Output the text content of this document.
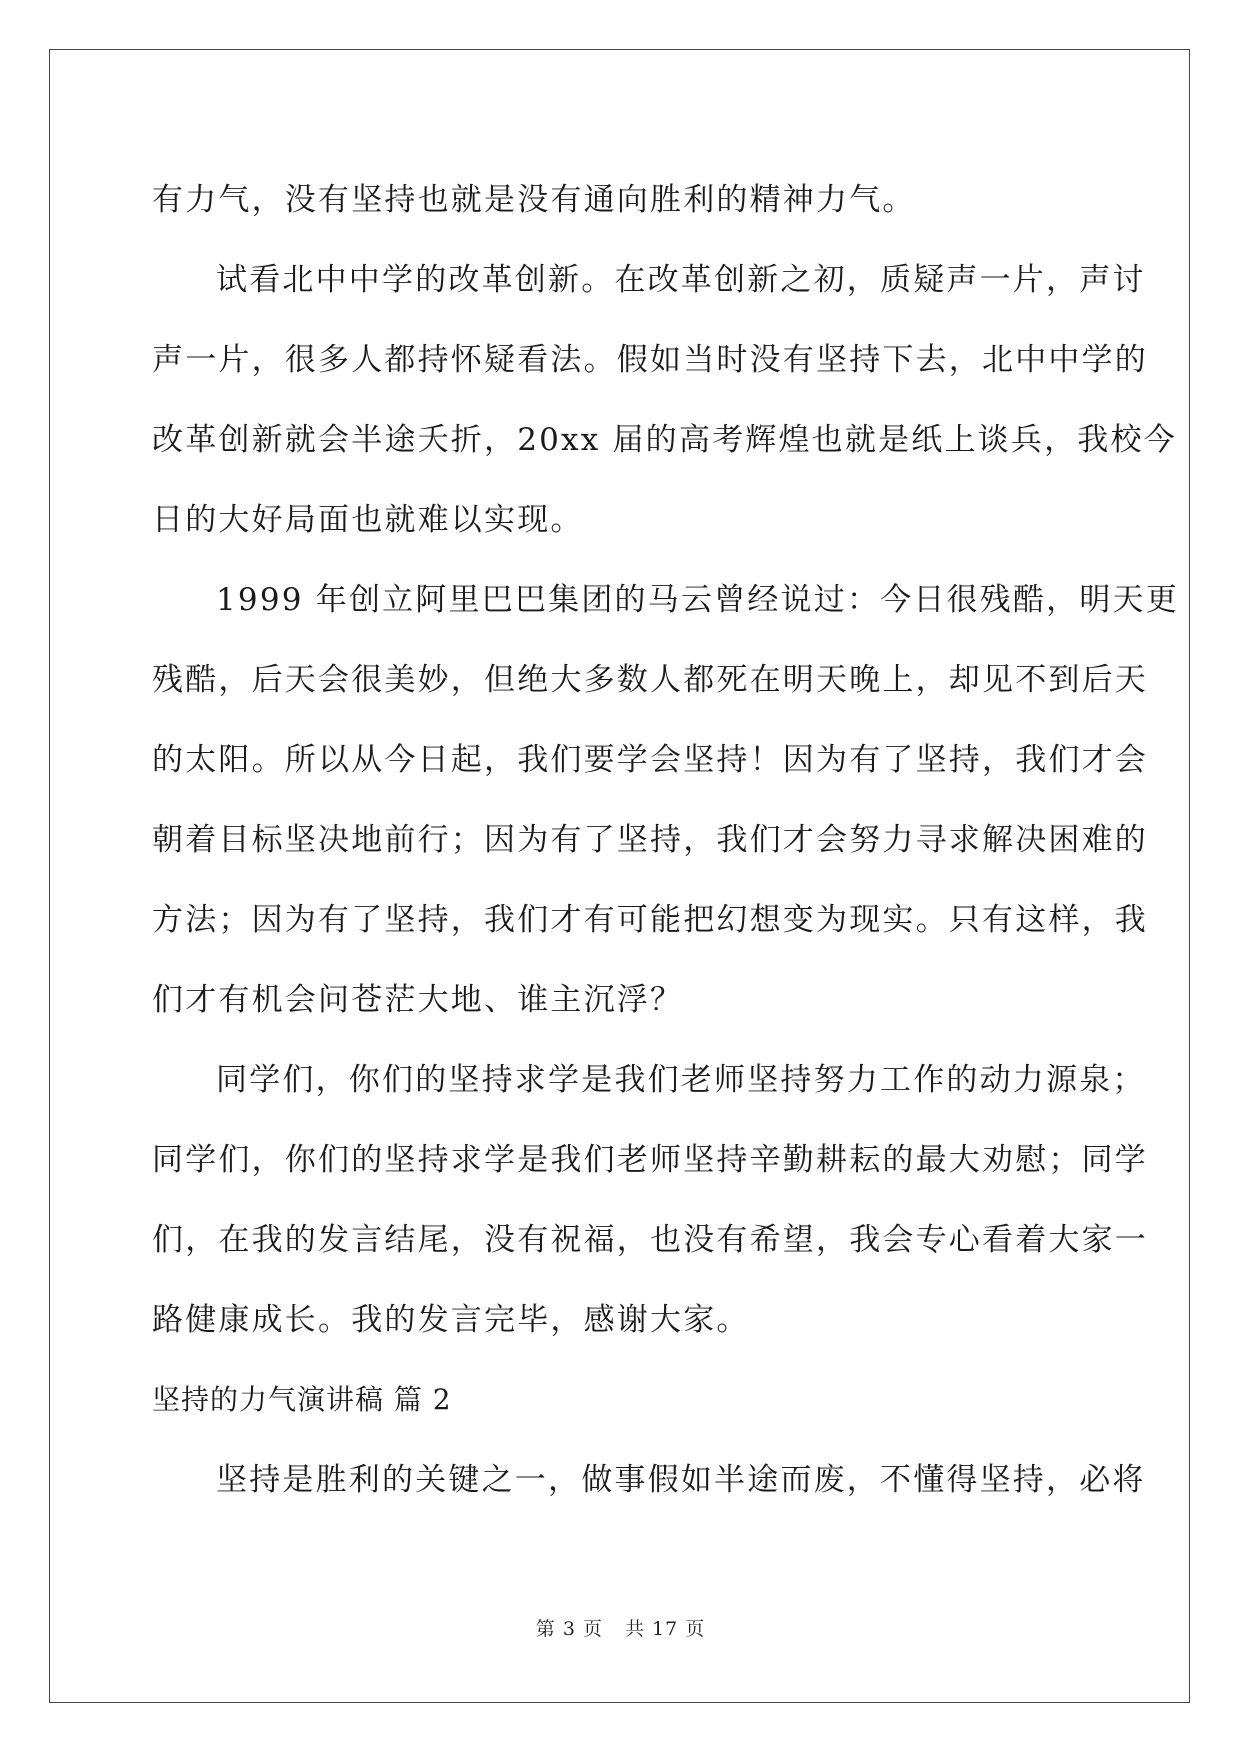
有力气，没有坚持也就是没有通向胜利的精神力气。
试看北中中学的改革创新。在改革创新之初，质疑声一片，声讨
声一片，很多人都持怀疑看法。假如当时没有坚持下去，北中中学的
改革创新就会半途夭折，20xx 届的高考辉煌也就是纸上谈兵，我校今
日的大好局面也就难以实现。
1999 年创立阿里巴巴集团的马云曾经说过：今日很残酷，明天更
残酷，后天会很美妙，但绝大多数人都死在明天晚上，却见不到后天
的太阳。所以从今日起，我们要学会坚持！因为有了坚持，我们才会
朝着目标坚决地前行；因为有了坚持，我们才会努力寻求解决困难的
方法；因为有了坚持，我们才有可能把幻想变为现实。只有这样，我
们才有机会问苍茫大地、谁主沉浮？
同学们，你们的坚持求学是我们老师坚持努力工作的动力源泉；
同学们，你们的坚持求学是我们老师坚持辛勤耕耘的最大劝慰；同学
们，在我的发言结尾，没有祝福，也没有希望，我会专心看着大家一
路健康成长。我的发言完毕，感谢大家。
坚持的力气演讲稿 篇 2
坚持是胜利的关键之一，做事假如半途而废，不懂得坚持，必将
第 3 页 共 17 页
